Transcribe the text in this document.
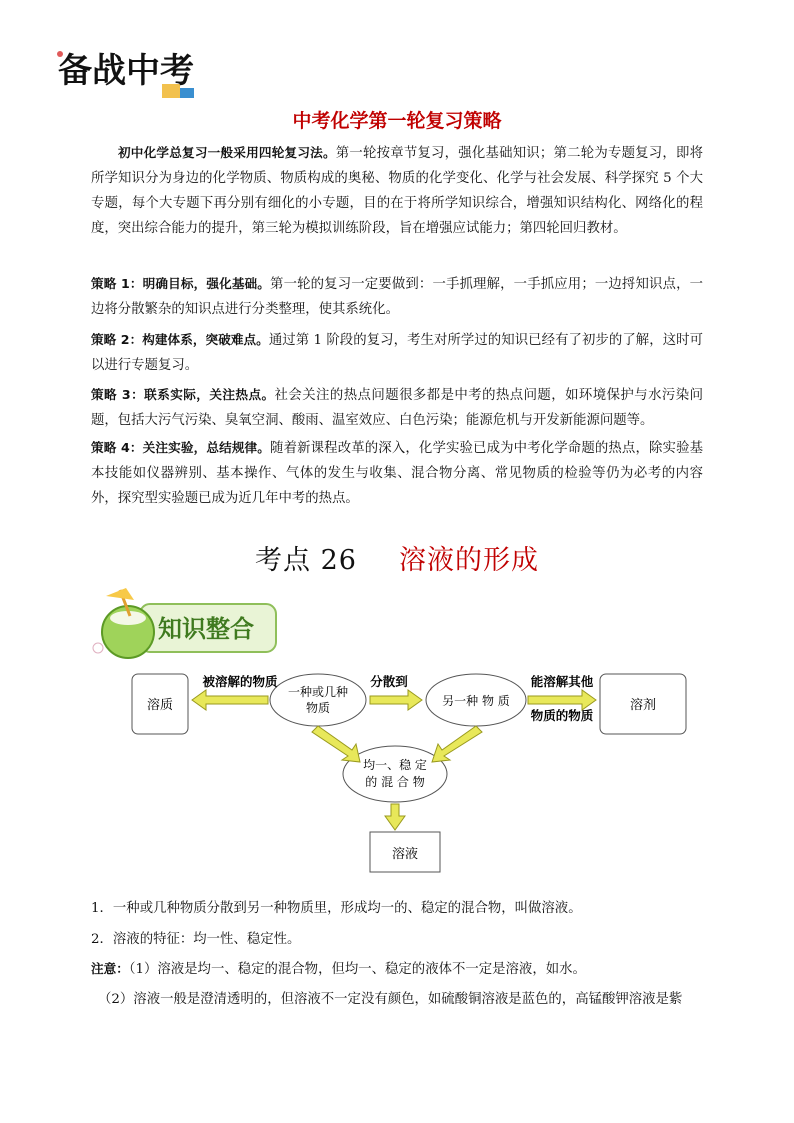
备战中考
中考化学第一轮复习策略

初中化学总复习一般采用四轮复习法。第一轮按章节复习，强化基础知识；第二轮为专题复习，即将所学知识分为身边的化学物质、物质构成的奥秘、物质的化学变化、化学与社会发展、科学探究 5 个大专题，每个大专题下再分别有细化的小专题，目的在于将所学知识综合，增强知识结构化、网络化的程度，突出综合能力的提升，第三轮为模拟训练阶段，旨在增强应试能力；第四轮回归教材。

策略 1：明确目标，强化基础。第一轮的复习一定要做到：一手抓理解，一手抓应用；一边捋知识点，一边将分散繁杂的知识点进行分类整理，使其系统化。

策略 2：构建体系，突破难点。通过第 1 阶段的复习，考生对所学过的知识已经有了初步的了解，这时可以进行专题复习。

策略 3：联系实际，关注热点。社会关注的热点问题很多都是中考的热点问题，如环境保护与水污染问题，包括大污气污染、臭氧空洞、酸雨、温室效应、白色污染；能源危机与开发新能源问题等。

策略 4：关注实验，总结规律。随着新课程改革的深入，化学实验已成为中考化学命题的热点，除实验基本技能如仪器辨别、基本操作、气体的发生与收集、混合物分离、常见物质的检验等仍为必考的内容外，探究型实验题已成为近几年中考的热点。

考点 26 溶液的形成
知识整合
溶质	溶剂
溶液
一种或几种
物质	另一种 物 质
均一、稳 定
的 混 合 物
被溶解的物质	分散到	能溶解其他
物质的物质

1．一种或几种物质分散到另一种物质里，形成均一的、稳定的混合物，叫做溶液。

2．溶液的特征：均一性、稳定性。

注意：（1）溶液是均一、稳定的混合物，但均一、稳定的液体不一定是溶液，如水。

（2）溶液一般是澄清透明的，但溶液不一定没有颜色，如硫酸铜溶液是蓝色的，高锰酸钾溶液是紫
